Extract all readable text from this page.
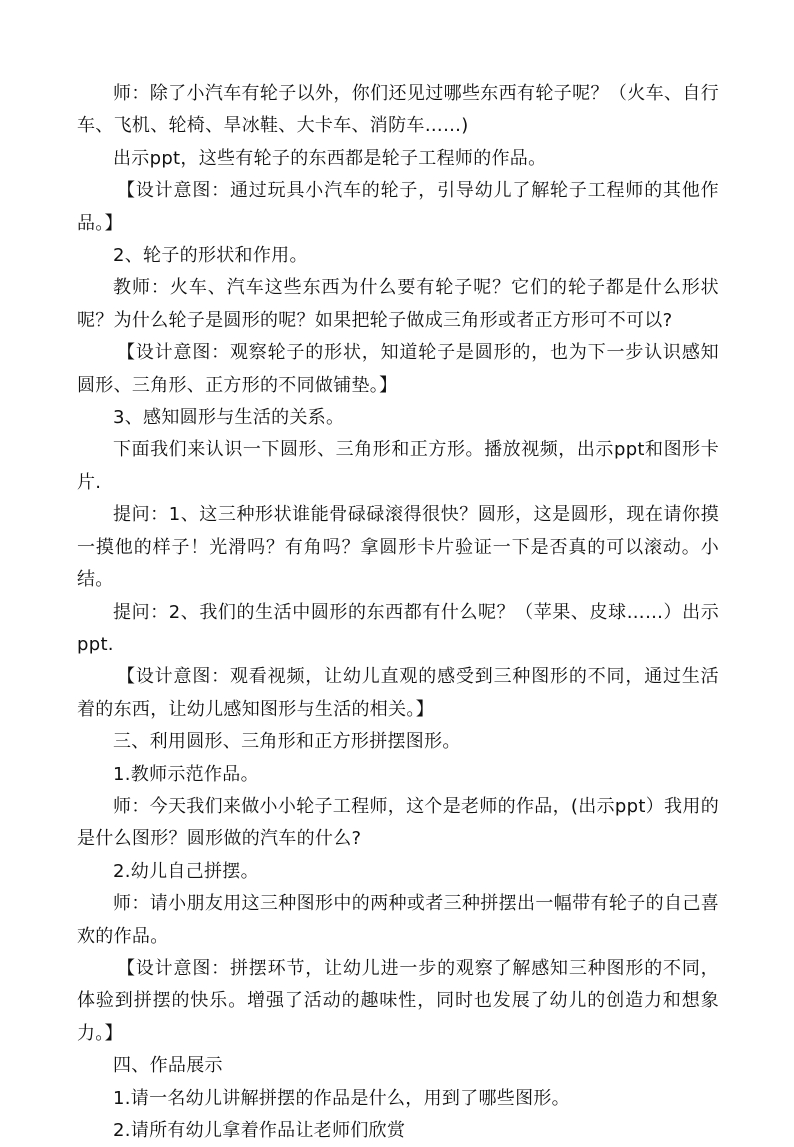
师：除了小汽车有轮子以外，你们还见过哪些东西有轮子呢？（火车、自行车、飞机、轮椅、旱冰鞋、大卡车、消防车……)

出示ppt，这些有轮子的东西都是轮子工程师的作品。

【设计意图：通过玩具小汽车的轮子，引导幼儿了解轮子工程师的其他作品。】

2、轮子的形状和作用。

教师：火车、汽车这些东西为什么要有轮子呢？它们的轮子都是什么形状呢？为什么轮子是圆形的呢？如果把轮子做成三角形或者正方形可不可以?

【设计意图：观察轮子的形状，知道轮子是圆形的，也为下一步认识感知圆形、三角形、正方形的不同做铺垫。】

3、感知圆形与生活的关系。

下面我们来认识一下圆形、三角形和正方形。播放视频，出示ppt和图形卡片.

提问：1、这三种形状谁能骨碌碌滚得很快？圆形，这是圆形，现在请你摸一摸他的样子！光滑吗？有角吗？拿圆形卡片验证一下是否真的可以滚动。小结。

提问：2、我们的生活中圆形的东西都有什么呢？（苹果、皮球……）出示ppt.

【设计意图：观看视频，让幼儿直观的感受到三种图形的不同，通过生活着的东西，让幼儿感知图形与生活的相关。】

三、利用圆形、三角形和正方形拼摆图形。

1.教师示范作品。

师：今天我们来做小小轮子工程师，这个是老师的作品，(出示ppt）我用的是什么图形？圆形做的汽车的什么?

2.幼儿自己拼摆。

师：请小朋友用这三种图形中的两种或者三种拼摆出一幅带有轮子的自己喜欢的作品。

【设计意图：拼摆环节，让幼儿进一步的观察了解感知三种图形的不同，体验到拼摆的快乐。增强了活动的趣味性，同时也发展了幼儿的创造力和想象力。】

四、作品展示

1.请一名幼儿讲解拼摆的作品是什么，用到了哪些图形。

2.请所有幼儿拿着作品让老师们欣赏
